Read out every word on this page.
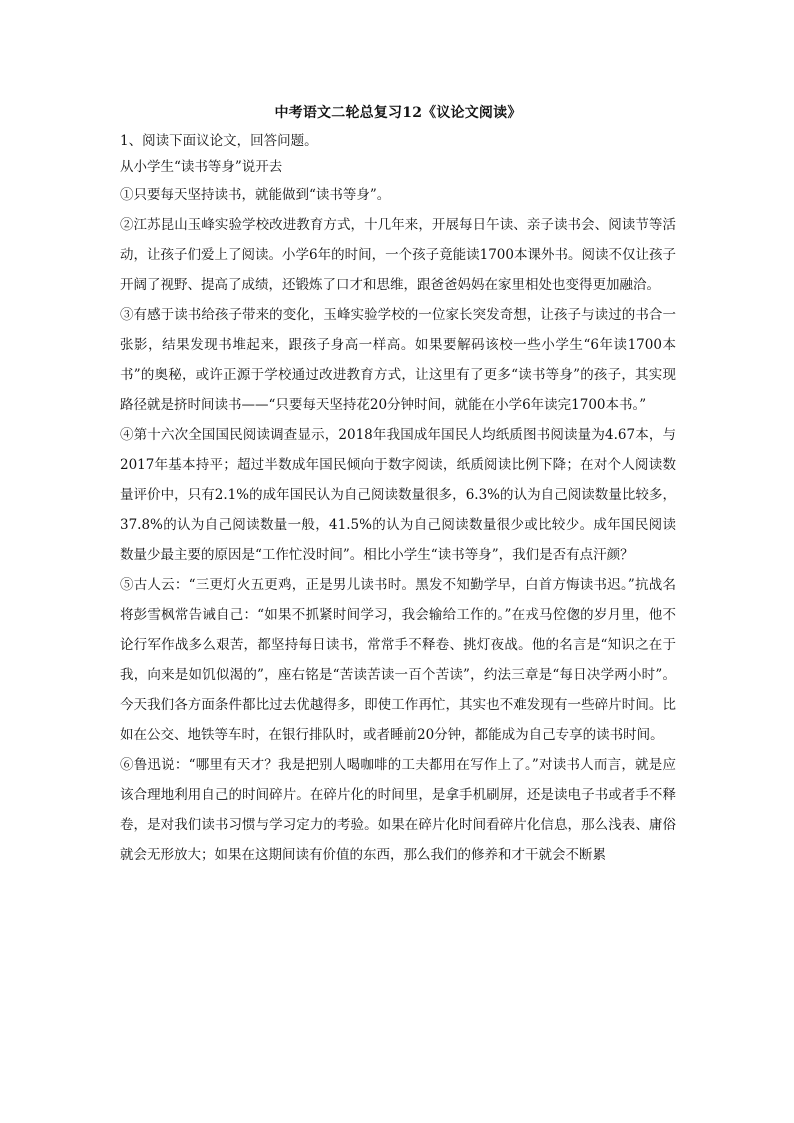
中考语文二轮总复习12《议论文阅读》
1、阅读下面议论文，回答问题。
从小学生“读书等身”说开去
①只要每天坚持读书，就能做到“读书等身”。
②江苏昆山玉峰实验学校改进教育方式，十几年来，开展每日午读、亲子读书会、阅读节等活动，让孩子们爱上了阅读。小学6年的时间，一个孩子竟能读1700本课外书。阅读不仅让孩子开阔了视野、提高了成绩，还锻炼了口才和思维，跟爸爸妈妈在家里相处也变得更加融洽。
③有感于读书给孩子带来的变化，玉峰实验学校的一位家长突发奇想，让孩子与读过的书合一张影，结果发现书堆起来，跟孩子身高一样高。如果要解码该校一些小学生“6年读1700本书”的奥秘，或许正源于学校通过改进教育方式，让这里有了更多“读书等身”的孩子，其实现路径就是挤时间读书——“只要每天坚持花20分钟时间，就能在小学6年读完1700本书。”
④第十六次全国国民阅读调查显示，2018年我国成年国民人均纸质图书阅读量为4.67本，与2017年基本持平；超过半数成年国民倾向于数字阅读，纸质阅读比例下降；在对个人阅读数量评价中，只有2.1%的成年国民认为自己阅读数量很多，6.3%的认为自己阅读数量比较多，37.8%的认为自己阅读数量一般，41.5%的认为自己阅读数量很少或比较少。成年国民阅读数量少最主要的原因是“工作忙没时间”。相比小学生“读书等身”，我们是否有点汗颜？
⑤古人云：“三更灯火五更鸡，正是男儿读书时。黑发不知勤学早，白首方悔读书迟。”抗战名将彭雪枫常告诫自己：“如果不抓紧时间学习，我会输给工作的。”在戎马倥偬的岁月里，他不论行军作战多么艰苦，都坚持每日读书，常常手不释卷、挑灯夜战。他的名言是“知识之在于我，向来是如饥似渴的”，座右铭是“苦读苦读一百个苦读”，约法三章是“每日决学两小时”。今天我们各方面条件都比过去优越得多，即使工作再忙，其实也不难发现有一些碎片时间。比如在公交、地铁等车时，在银行排队时，或者睡前20分钟，都能成为自己专享的读书时间。
⑥鲁迅说：“哪里有天才？我是把别人喝咖啡的工夫都用在写作上了。”对读书人而言，就是应该合理地利用自己的时间碎片。在碎片化的时间里，是拿手机刷屏，还是读电子书或者手不释卷，是对我们读书习惯与学习定力的考验。如果在碎片化时间看碎片化信息，那么浅表、庸俗就会无形放大；如果在这期间读有价值的东西，那么我们的修养和才干就会不断累
